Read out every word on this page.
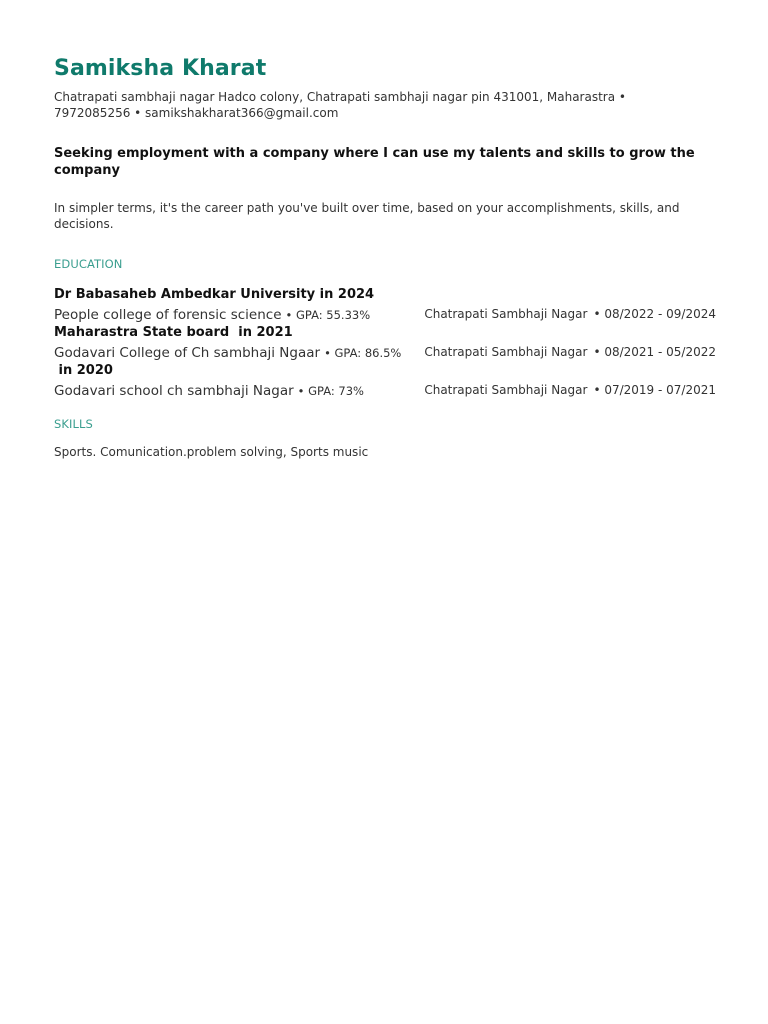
Samiksha Kharat
Chatrapati sambhaji nagar Hadco colony, Chatrapati sambhaji nagar pin 431001, Maharastra •
7972085256 • samikshakharat366@gmail.com
Seeking employment with a company where I can use my talents and skills to grow the
company
In simpler terms, it's the career path you've built over time, based on your accomplishments, skills, and
decisions.
EDUCATION
Dr Babasaheb Ambedkar University in 2024
People college of forensic science • GPA: 55.33%	Chatrapati Sambhaji Nagar • 08/2022 - 09/2024
Maharastra State board  in 2021
Godavari College of Ch sambhaji Ngaar • GPA: 86.5% Chatrapati Sambhaji Nagar • 08/2021 - 05/2022
in 2020
Godavari school ch sambhaji Nagar • GPA: 73%	Chatrapati Sambhaji Nagar • 07/2019 - 07/2021
SKILLS
Sports. Comunication.problem solving, Sports music
